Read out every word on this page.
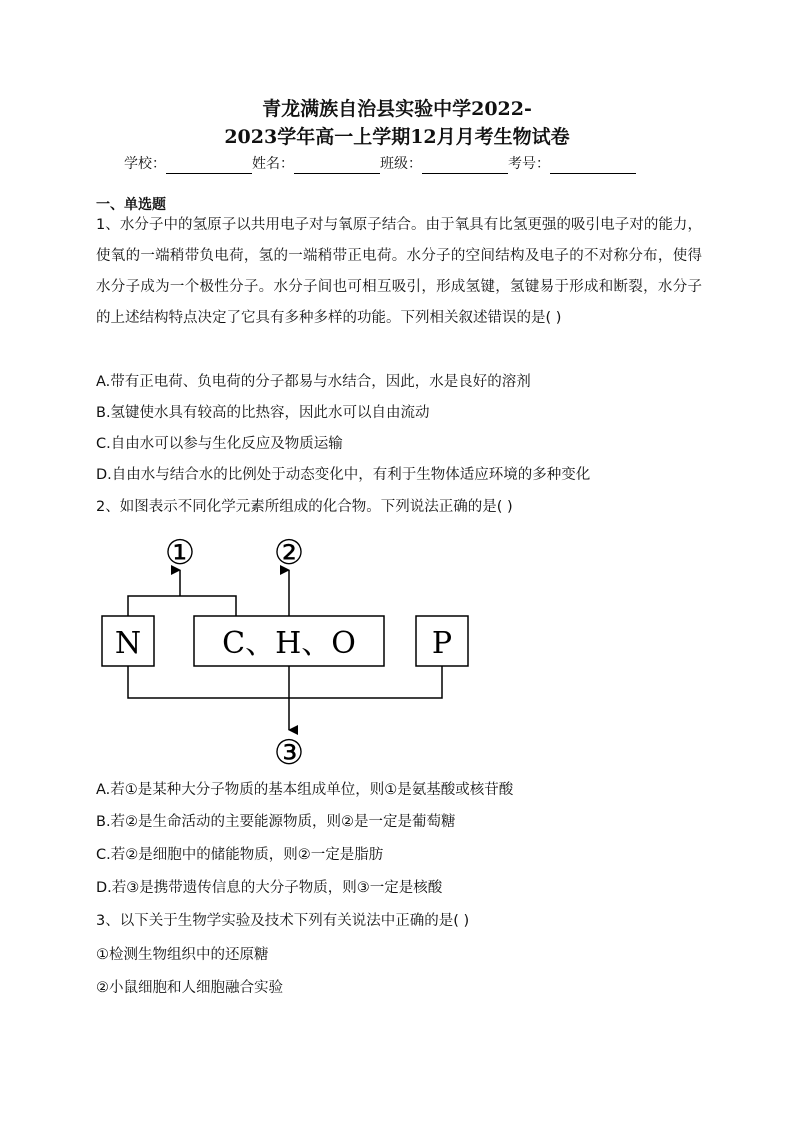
青龙满族自治县实验中学2022-
2023学年高一上学期12月月考生物试卷
学校：	姓名：	班级：	考号：
一、单选题
1、水分子中的氢原子以共用电子对与氧原子结合。由于氧具有比氢更强的吸引电子对的能力，使氧的一端稍带负电荷，氢的一端稍带正电荷。水分子的空间结构及电子的不对称分布，使得水分子成为一个极性分子。水分子间也可相互吸引，形成氢键，氢键易于形成和断裂，水分子的上述结构特点决定了它具有多种多样的功能。下列相关叙述错误的是( )
A.带有正电荷、负电荷的分子都易与水结合，因此，水是良好的溶剂
B.氢键使水具有较高的比热容，因此水可以自由流动
C.自由水可以参与生化反应及物质运输
D.自由水与结合水的比例处于动态变化中，有利于生物体适应环境的多种变化
2、如图表示不同化学元素所组成的化合物。下列说法正确的是( )
N	C、H、O	P
① ②
③
A.若①是某种大分子物质的基本组成单位，则①是氨基酸或核苷酸
B.若②是生命活动的主要能源物质，则②是一定是葡萄糖
C.若②是细胞中的储能物质，则②一定是脂肪
D.若③是携带遗传信息的大分子物质，则③一定是核酸
3、以下关于生物学实验及技术下列有关说法中正确的是( )
①检测生物组织中的还原糖
②小鼠细胞和人细胞融合实验
